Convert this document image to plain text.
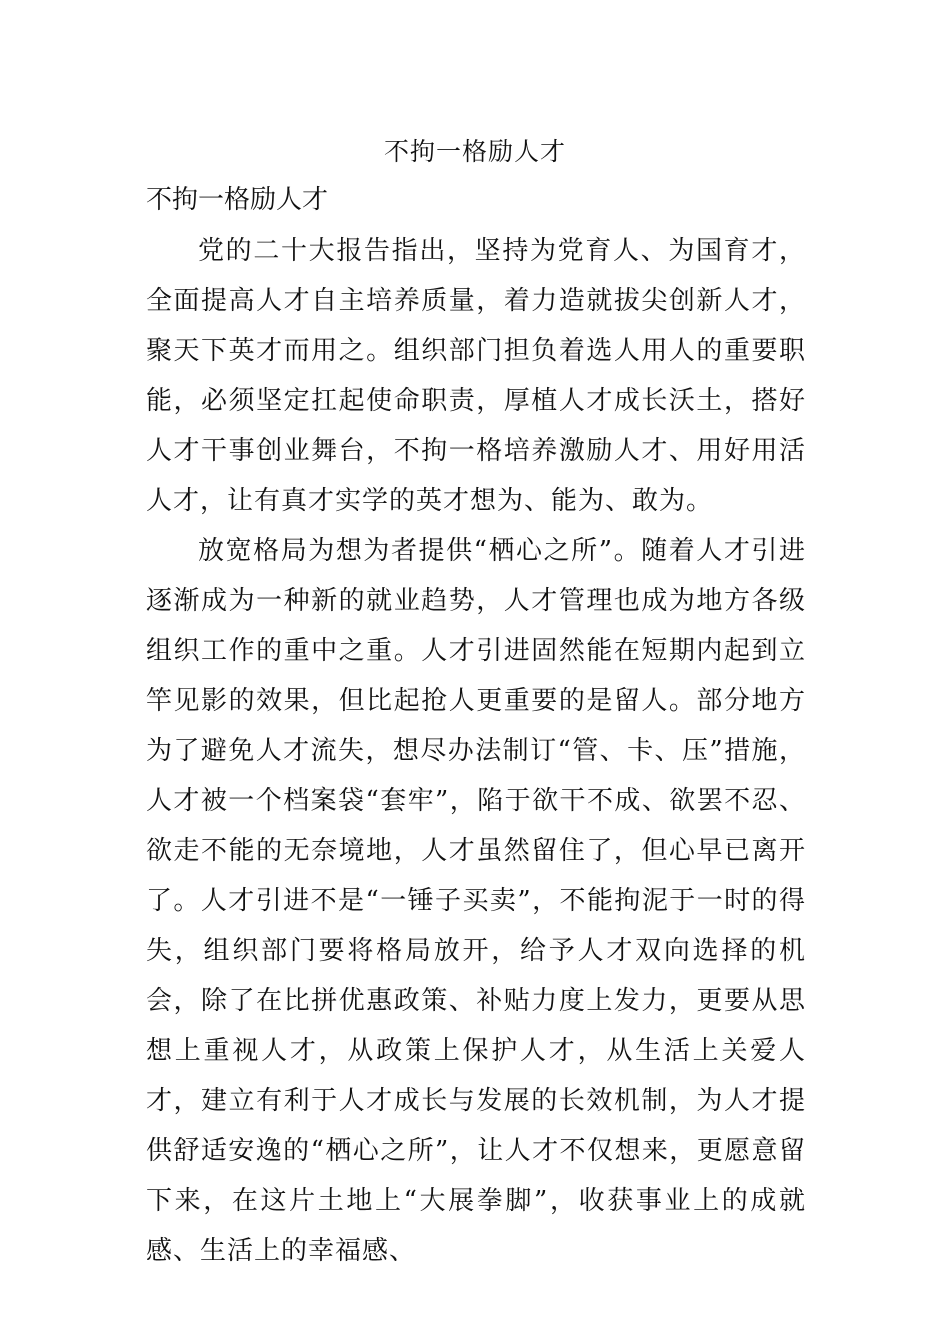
不拘一格励人才
不拘一格励人才

党的二十大报告指出，坚持为党育人、为国育才，全面提高人才自主培养质量，着力造就拔尖创新人才，聚天下英才而用之。组织部门担负着选人用人的重要职能，必须坚定扛起使命职责，厚植人才成长沃土，搭好人才干事创业舞台，不拘一格培养激励人才、用好用活人才，让有真才实学的英才想为、能为、敢为。

放宽格局为想为者提供“栖心之所”。随着人才引进逐渐成为一种新的就业趋势，人才管理也成为地方各级组织工作的重中之重。人才引进固然能在短期内起到立竿见影的效果，但比起抢人更重要的是留人。部分地方为了避免人才流失，想尽办法制订“管、卡、压”措施，人才被一个档案袋“套牢”，陷于欲干不成、欲罢不忍、欲走不能的无奈境地，人才虽然留住了，但心早已离开了。人才引进不是“一锤子买卖”，不能拘泥于一时的得失，组织部门要将格局放开，给予人才双向选择的机会，除了在比拼优惠政策、补贴力度上发力，更要从思想上重视人才，从政策上保护人才，从生活上关爱人才，建立有利于人才成长与发展的长效机制，为人才提供舒适安逸的“栖心之所”，让人才不仅想来，更愿意留下来，在这片土地上“大展拳脚”，收获事业上的成就感、生活上的幸福感、
